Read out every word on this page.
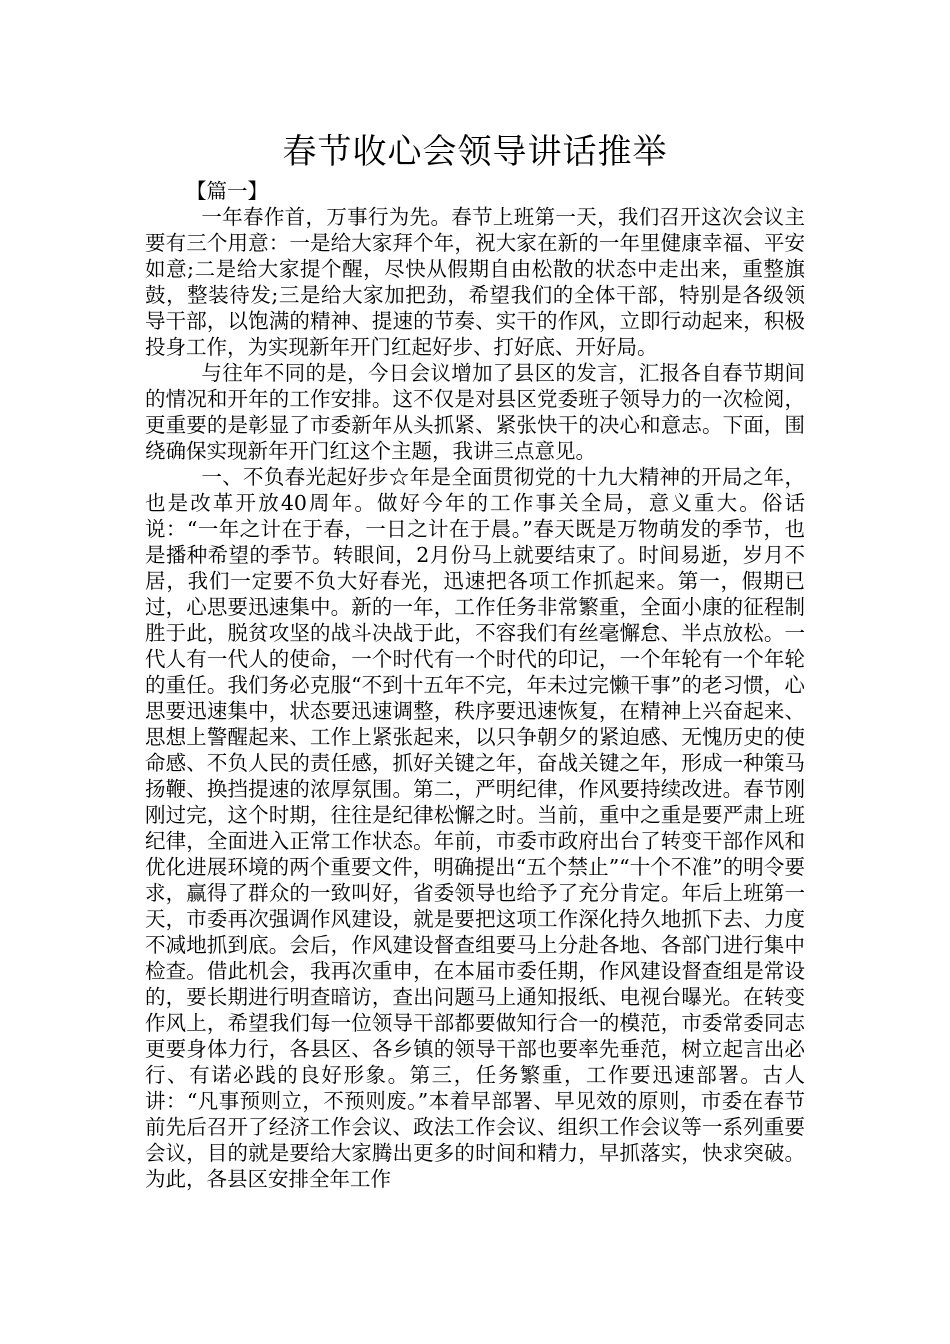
春节收心会领导讲话推举

【篇一】

一年春作首，万事行为先。春节上班第一天，我们召开这次会议主要有三个用意：一是给大家拜个年，祝大家在新的一年里健康幸福、平安如意;二是给大家提个醒，尽快从假期自由松散的状态中走出来，重整旗鼓，整装待发;三是给大家加把劲，希望我们的全体干部，特别是各级领导干部，以饱满的精神、提速的节奏、实干的作风，立即行动起来，积极投身工作，为实现新年开门红起好步、打好底、开好局。

与往年不同的是，今日会议增加了县区的发言，汇报各自春节期间的情况和开年的工作安排。这不仅是对县区党委班子领导力的一次检阅，更重要的是彰显了市委新年从头抓紧、紧张快干的决心和意志。下面，围绕确保实现新年开门红这个主题，我讲三点意见。

一、不负春光起好步☆年是全面贯彻党的十九大精神的开局之年，也是改革开放40周年。做好今年的工作事关全局，意义重大。俗话说：“一年之计在于春，一日之计在于晨。”春天既是万物萌发的季节，也是播种希望的季节。转眼间，2月份马上就要结束了。时间易逝，岁月不居，我们一定要不负大好春光，迅速把各项工作抓起来。第一，假期已过，心思要迅速集中。新的一年，工作任务非常繁重，全面小康的征程制胜于此，脱贫攻坚的战斗决战于此，不容我们有丝毫懈怠、半点放松。一代人有一代人的使命，一个时代有一个时代的印记，一个年轮有一个年轮的重任。我们务必克服“不到十五年不完，年未过完懒干事”的老习惯，心思要迅速集中，状态要迅速调整，秩序要迅速恢复，在精神上兴奋起来、思想上警醒起来、工作上紧张起来，以只争朝夕的紧迫感、无愧历史的使命感、不负人民的责任感，抓好关键之年，奋战关键之年，形成一种策马扬鞭、换挡提速的浓厚氛围。第二，严明纪律，作风要持续改进。春节刚刚过完，这个时期，往往是纪律松懈之时。当前，重中之重是要严肃上班纪律，全面进入正常工作状态。年前，市委市政府出台了转变干部作风和优化进展环境的两个重要文件，明确提出“五个禁止”“十个不准”的明令要求，赢得了群众的一致叫好，省委领导也给予了充分肯定。年后上班第一天，市委再次强调作风建设，就是要把这项工作深化持久地抓下去、力度不减地抓到底。会后，作风建设督查组要马上分赴各地、各部门进行集中检查。借此机会，我再次重申，在本届市委任期，作风建设督查组是常设的，要长期进行明查暗访，查出问题马上通知报纸、电视台曝光。在转变作风上，希望我们每一位领导干部都要做知行合一的模范，市委常委同志更要身体力行，各县区、各乡镇的领导干部也要率先垂范，树立起言出必行、有诺必践的良好形象。第三，任务繁重，工作要迅速部署。古人讲：“凡事预则立，不预则废。”本着早部署、早见效的原则，市委在春节前先后召开了经济工作会议、政法工作会议、组织工作会议等一系列重要会议，目的就是要给大家腾出更多的时间和精力，早抓落实，快求突破。为此，各县区安排全年工作
